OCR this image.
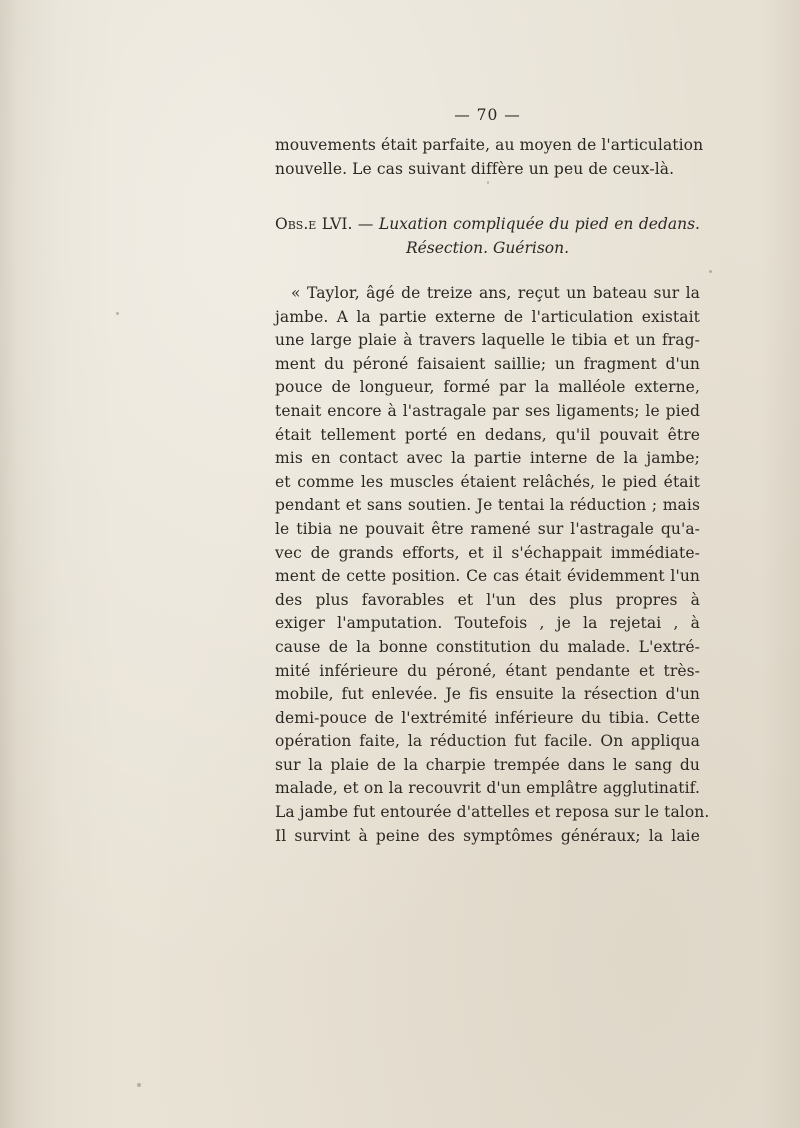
— 70 —
mouvements était parfaite, au moyen de l'articulation
nouvelle. Le cas suivant diffère un peu de ceux-là.
Obs.e LVI. — Luxation compliquée du pied en dedans.
Résection. Guérison.
« Taylor, âgé de treize ans, reçut un bateau sur la
jambe. A la partie externe de l'articulation existait
une large plaie à travers laquelle le tibia et un frag-
ment du péroné faisaient saillie; un fragment d'un
pouce de longueur, formé par la malléole externe,
tenait encore à l'astragale par ses ligaments; le pied
était tellement porté en dedans, qu'il pouvait être
mis en contact avec la partie interne de la jambe;
et comme les muscles étaient relâchés, le pied était
pendant et sans soutien. Je tentai la réduction ; mais
le tibia ne pouvait être ramené sur l'astragale qu'a-
vec de grands efforts, et il s'échappait immédiate-
ment de cette position. Ce cas était évidemment l'un
des plus favorables et l'un des plus propres à
exiger l'amputation. Toutefois , je la rejetai , à
cause de la bonne constitution du malade. L'extré-
mité inférieure du péroné, étant pendante et très-
mobile, fut enlevée. Je fis ensuite la résection d'un
demi-pouce de l'extrémité inférieure du tibia. Cette
opération faite, la réduction fut facile. On appliqua
sur la plaie de la charpie trempée dans le sang du
malade, et on la recouvrit d'un emplâtre agglutinatif.
La jambe fut entourée d'attelles et reposa sur le talon.
Il survint à peine des symptômes généraux; la laie
